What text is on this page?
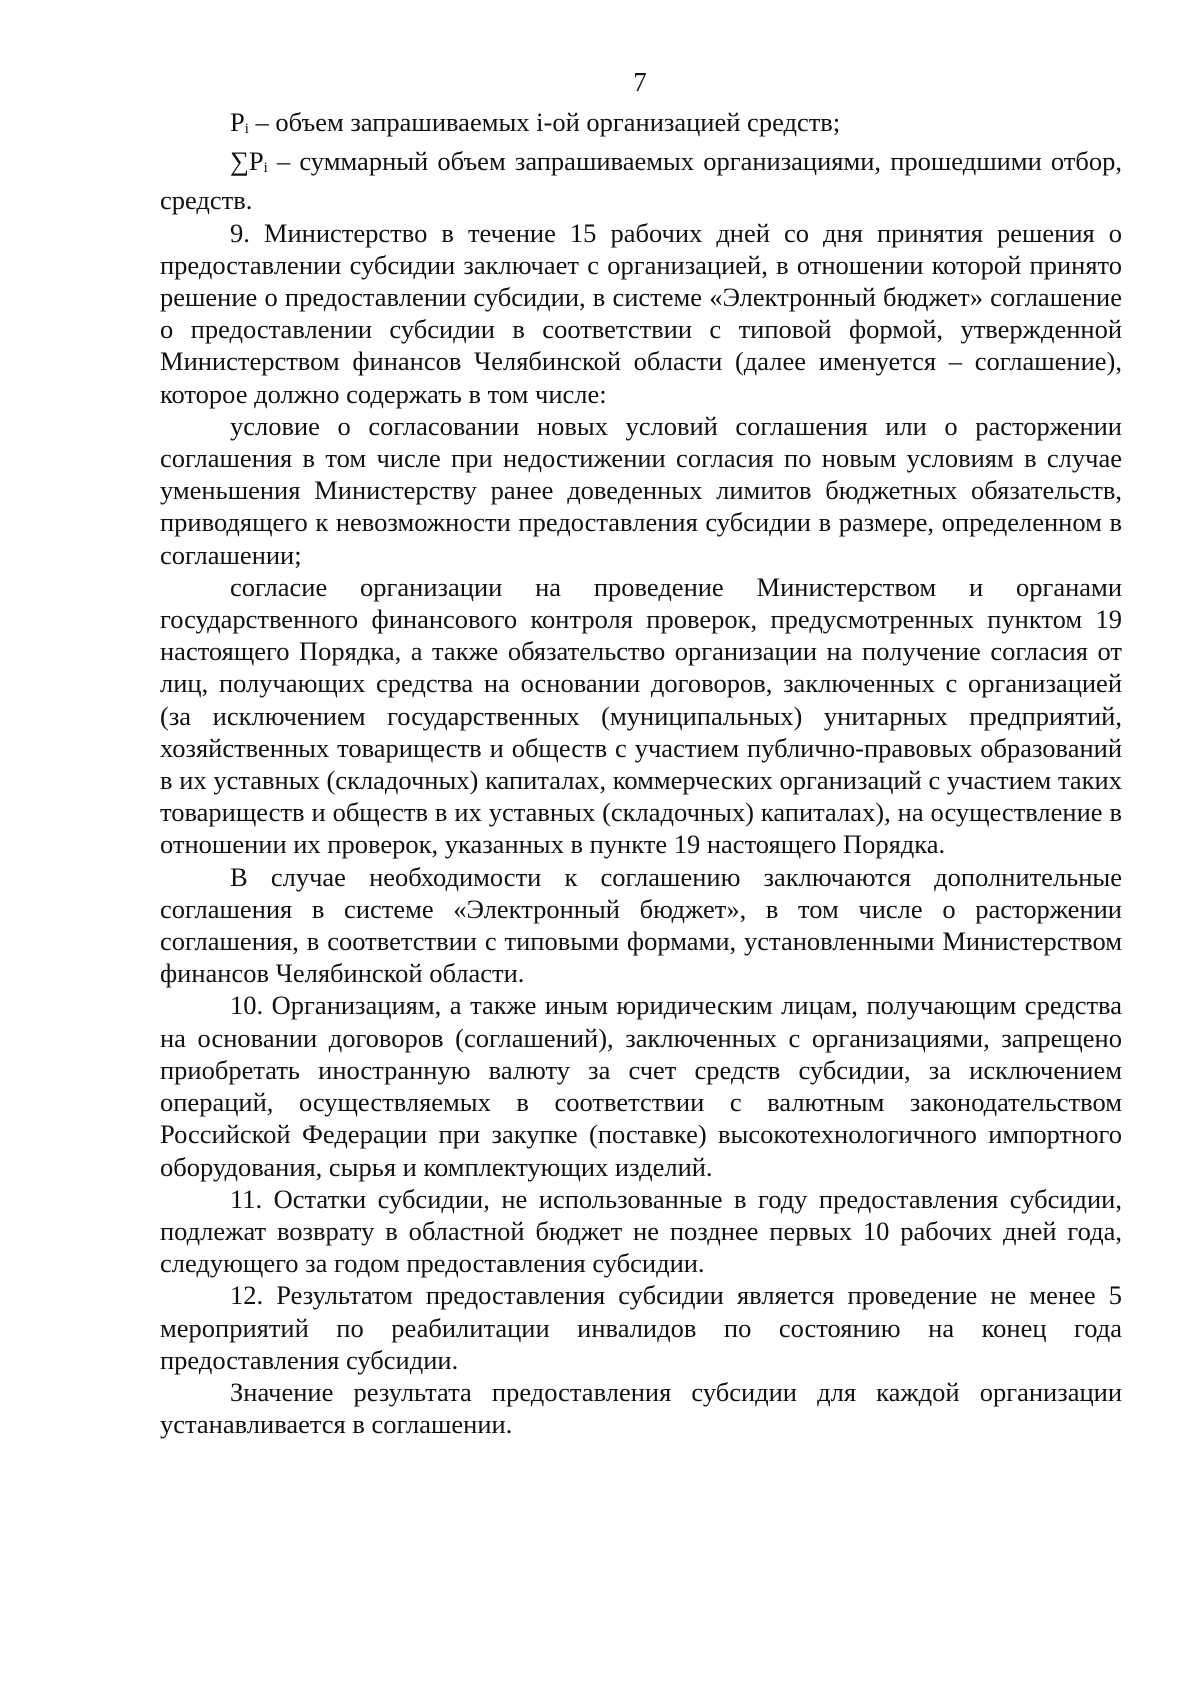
7

Pi – объем запрашиваемых i-ой организацией средств;

∑Pi – суммарный объем запрашиваемых организациями, прошедшими отбор, средств.

9. Министерство в течение 15 рабочих дней со дня принятия решения о предоставлении субсидии заключает с организацией, в отношении которой принято решение о предоставлении субсидии, в системе «Электронный бюджет» соглашение о предоставлении субсидии в соответствии с типовой формой, утвержденной Министерством финансов Челябинской области (далее именуется – соглашение), которое должно содержать в том числе:

условие о согласовании новых условий соглашения или о расторжении соглашения в том числе при недостижении согласия по новым условиям в случае уменьшения Министерству ранее доведенных лимитов бюджетных обязательств, приводящего к невозможности предоставления субсидии в размере, определенном в соглашении;

согласие организации на проведение Министерством и органами государственного финансового контроля проверок, предусмотренных пунктом 19 настоящего Порядка, а также обязательство организации на получение согласия от лиц, получающих средства на основании договоров, заключенных с организацией (за исключением государственных (муниципальных) унитарных предприятий, хозяйственных товариществ и обществ с участием публично-правовых образований в их уставных (складочных) капиталах, коммерческих организаций с участием таких товариществ и обществ в их уставных (складочных) капиталах), на осуществление в отношении их проверок, указанных в пункте 19 настоящего Порядка.

В случае необходимости к соглашению заключаются дополнительные соглашения в системе «Электронный бюджет», в том числе о расторжении соглашения, в соответствии с типовыми формами, установленными Министерством финансов Челябинской области.

10. Организациям, а также иным юридическим лицам, получающим средства на основании договоров (соглашений), заключенных с организациями, запрещено приобретать иностранную валюту за счет средств субсидии, за исключением операций, осуществляемых в соответствии с валютным законодательством Российской Федерации при закупке (поставке) высокотехнологичного импортного оборудования, сырья и комплектующих изделий.

11. Остатки субсидии, не использованные в году предоставления субсидии, подлежат возврату в областной бюджет не позднее первых 10 рабочих дней года, следующего за годом предоставления субсидии.

12. Результатом предоставления субсидии является проведение не менее 5 мероприятий по реабилитации инвалидов по состоянию на конец года предоставления субсидии.

Значение результата предоставления субсидии для каждой организации устанавливается в соглашении.
